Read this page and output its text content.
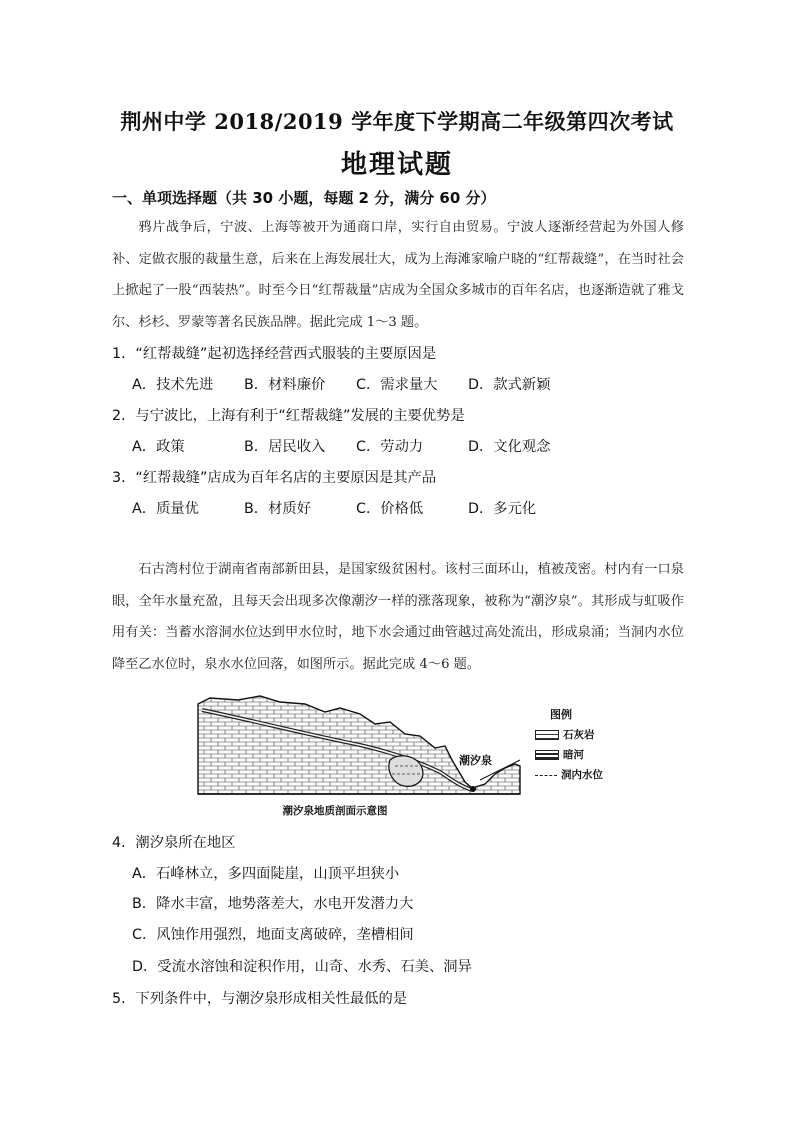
荆州中学 2018/2019 学年度下学期高二年级第四次考试
地理试题
一、单项选择题（共 30 小题，每题 2 分，满分 60 分）
鸦片战争后，宁波、上海等被开为通商口岸，实行自由贸易。宁波人逐渐经营起为外国人修补、定做衣服的裁量生意，后来在上海发展壮大，成为上海滩家喻户晓的“红帮裁缝”，在当时社会上掀起了一股“西装热”。时至今日“红帮裁量”店成为全国众多城市的百年名店，也逐渐造就了雅戈尔、杉杉、罗蒙等著名民族品牌。据此完成 1～3 题。
1．“红帮裁缝”起初选择经营西式服装的主要原因是
A．技术先进 B．材料廉价 C．需求量大 D．款式新颖
2．与宁波比，上海有利于“红帮裁缝”发展的主要优势是
A．政策	B．居民收入 C．劳动力	D．文化观念
3．“红帮裁缝”店成为百年名店的主要原因是其产品
A．质量优	B．材质好	C．价格低	D．多元化
石古湾村位于湖南省南部新田县，是国家级贫困村。该村三面环山，植被茂密。村内有一口泉眼，全年水量充盈，且每天会出现多次像潮汐一样的涨落现象，被称为“潮汐泉”。其形成与虹吸作用有关：当蓄水溶洞水位达到甲水位时，地下水会通过曲管越过高处流出，形成泉涌；当洞内水位降至乙水位时，泉水水位回落，如图所示。据此完成 4～6 题。
潮汐泉
图例
石灰岩
暗河
洞内水位
潮汐泉地质剖面示意图
4．潮汐泉所在地区
A．石峰林立，多四面陡崖，山顶平坦狭小
B．降水丰富，地势落差大，水电开发潜力大
C．风蚀作用强烈，地面支离破碎，垄槽相间
D．受流水溶蚀和淀积作用，山奇、水秀、石美、洞异
5．下列条件中，与潮汐泉形成相关性最低的是
